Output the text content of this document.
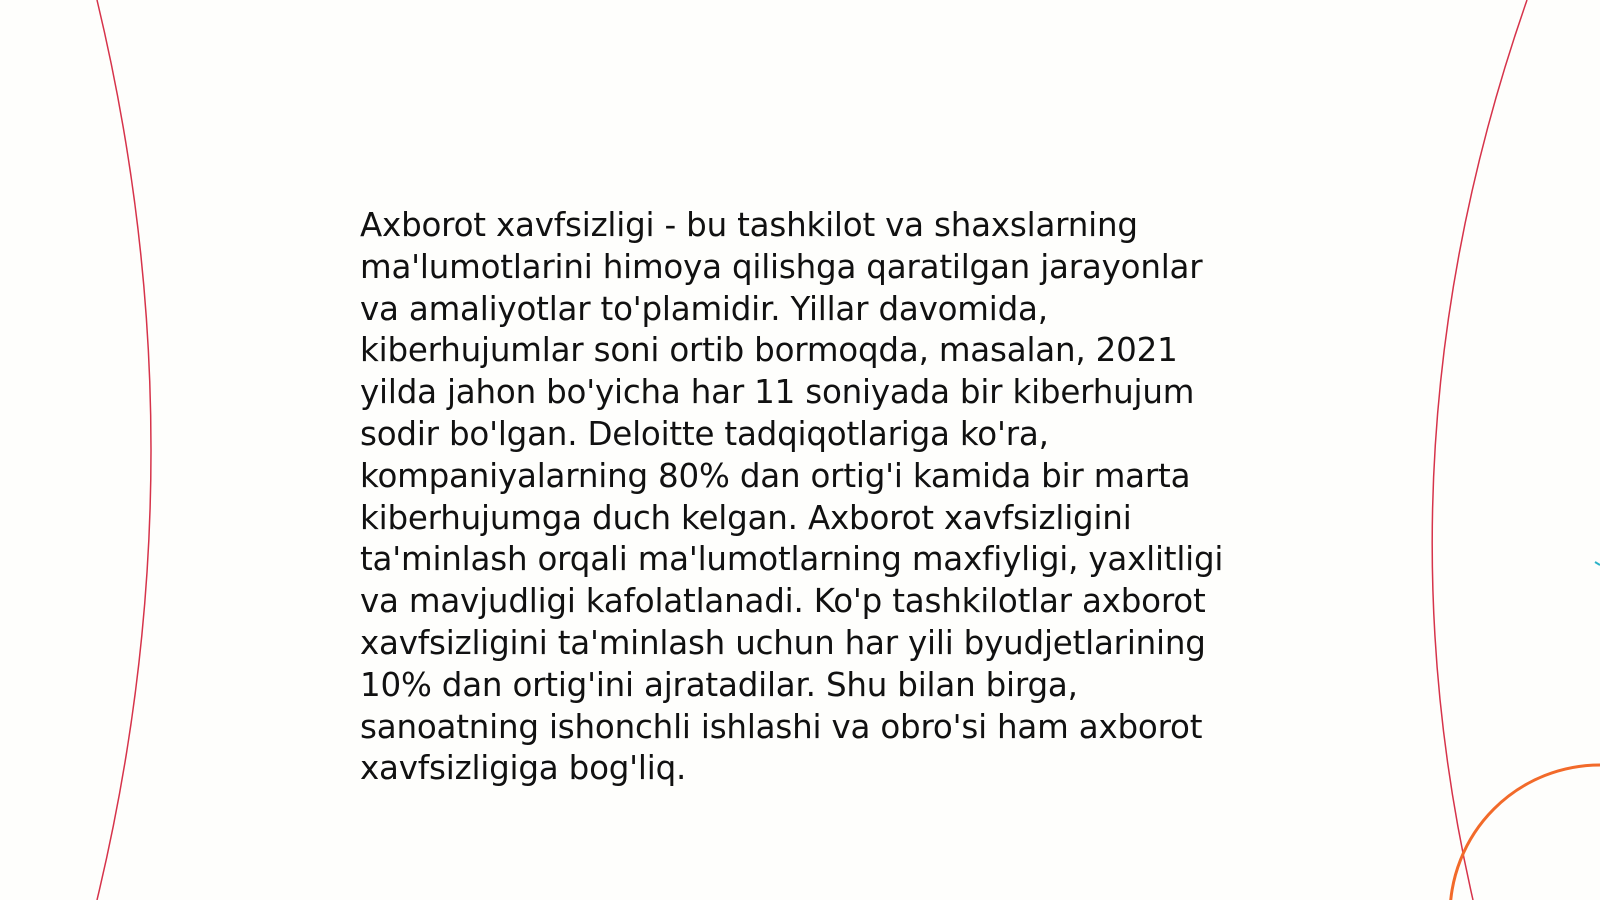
Axborot xavfsizligi - bu tashkilot va shaxslarning ma'lumotlarini himoya qilishga qaratilgan jarayonlar va amaliyotlar to'plamidir. Yillar davomida, kiberhujumlar soni ortib bormoqda, masalan, 2021 yilda jahon bo'yicha har 11 soniyada bir kiberhujum sodir bo'lgan. Deloitte tadqiqotlariga ko'ra, kompaniyalarning 80% dan ortig'i kamida bir marta kiberhujumga duch kelgan. Axborot xavfsizligini ta'minlash orqali ma'lumotlarning maxfiyligi, yaxlitligi va mavjudligi kafolatlanadi. Ko'p tashkilotlar axborot xavfsizligini ta'minlash uchun har yili byudjetlarining 10% dan ortig'ini ajratadilar. Shu bilan birga, sanoatning ishonchli ishlashi va obro'si ham axborot xavfsizligiga bog'liq.
